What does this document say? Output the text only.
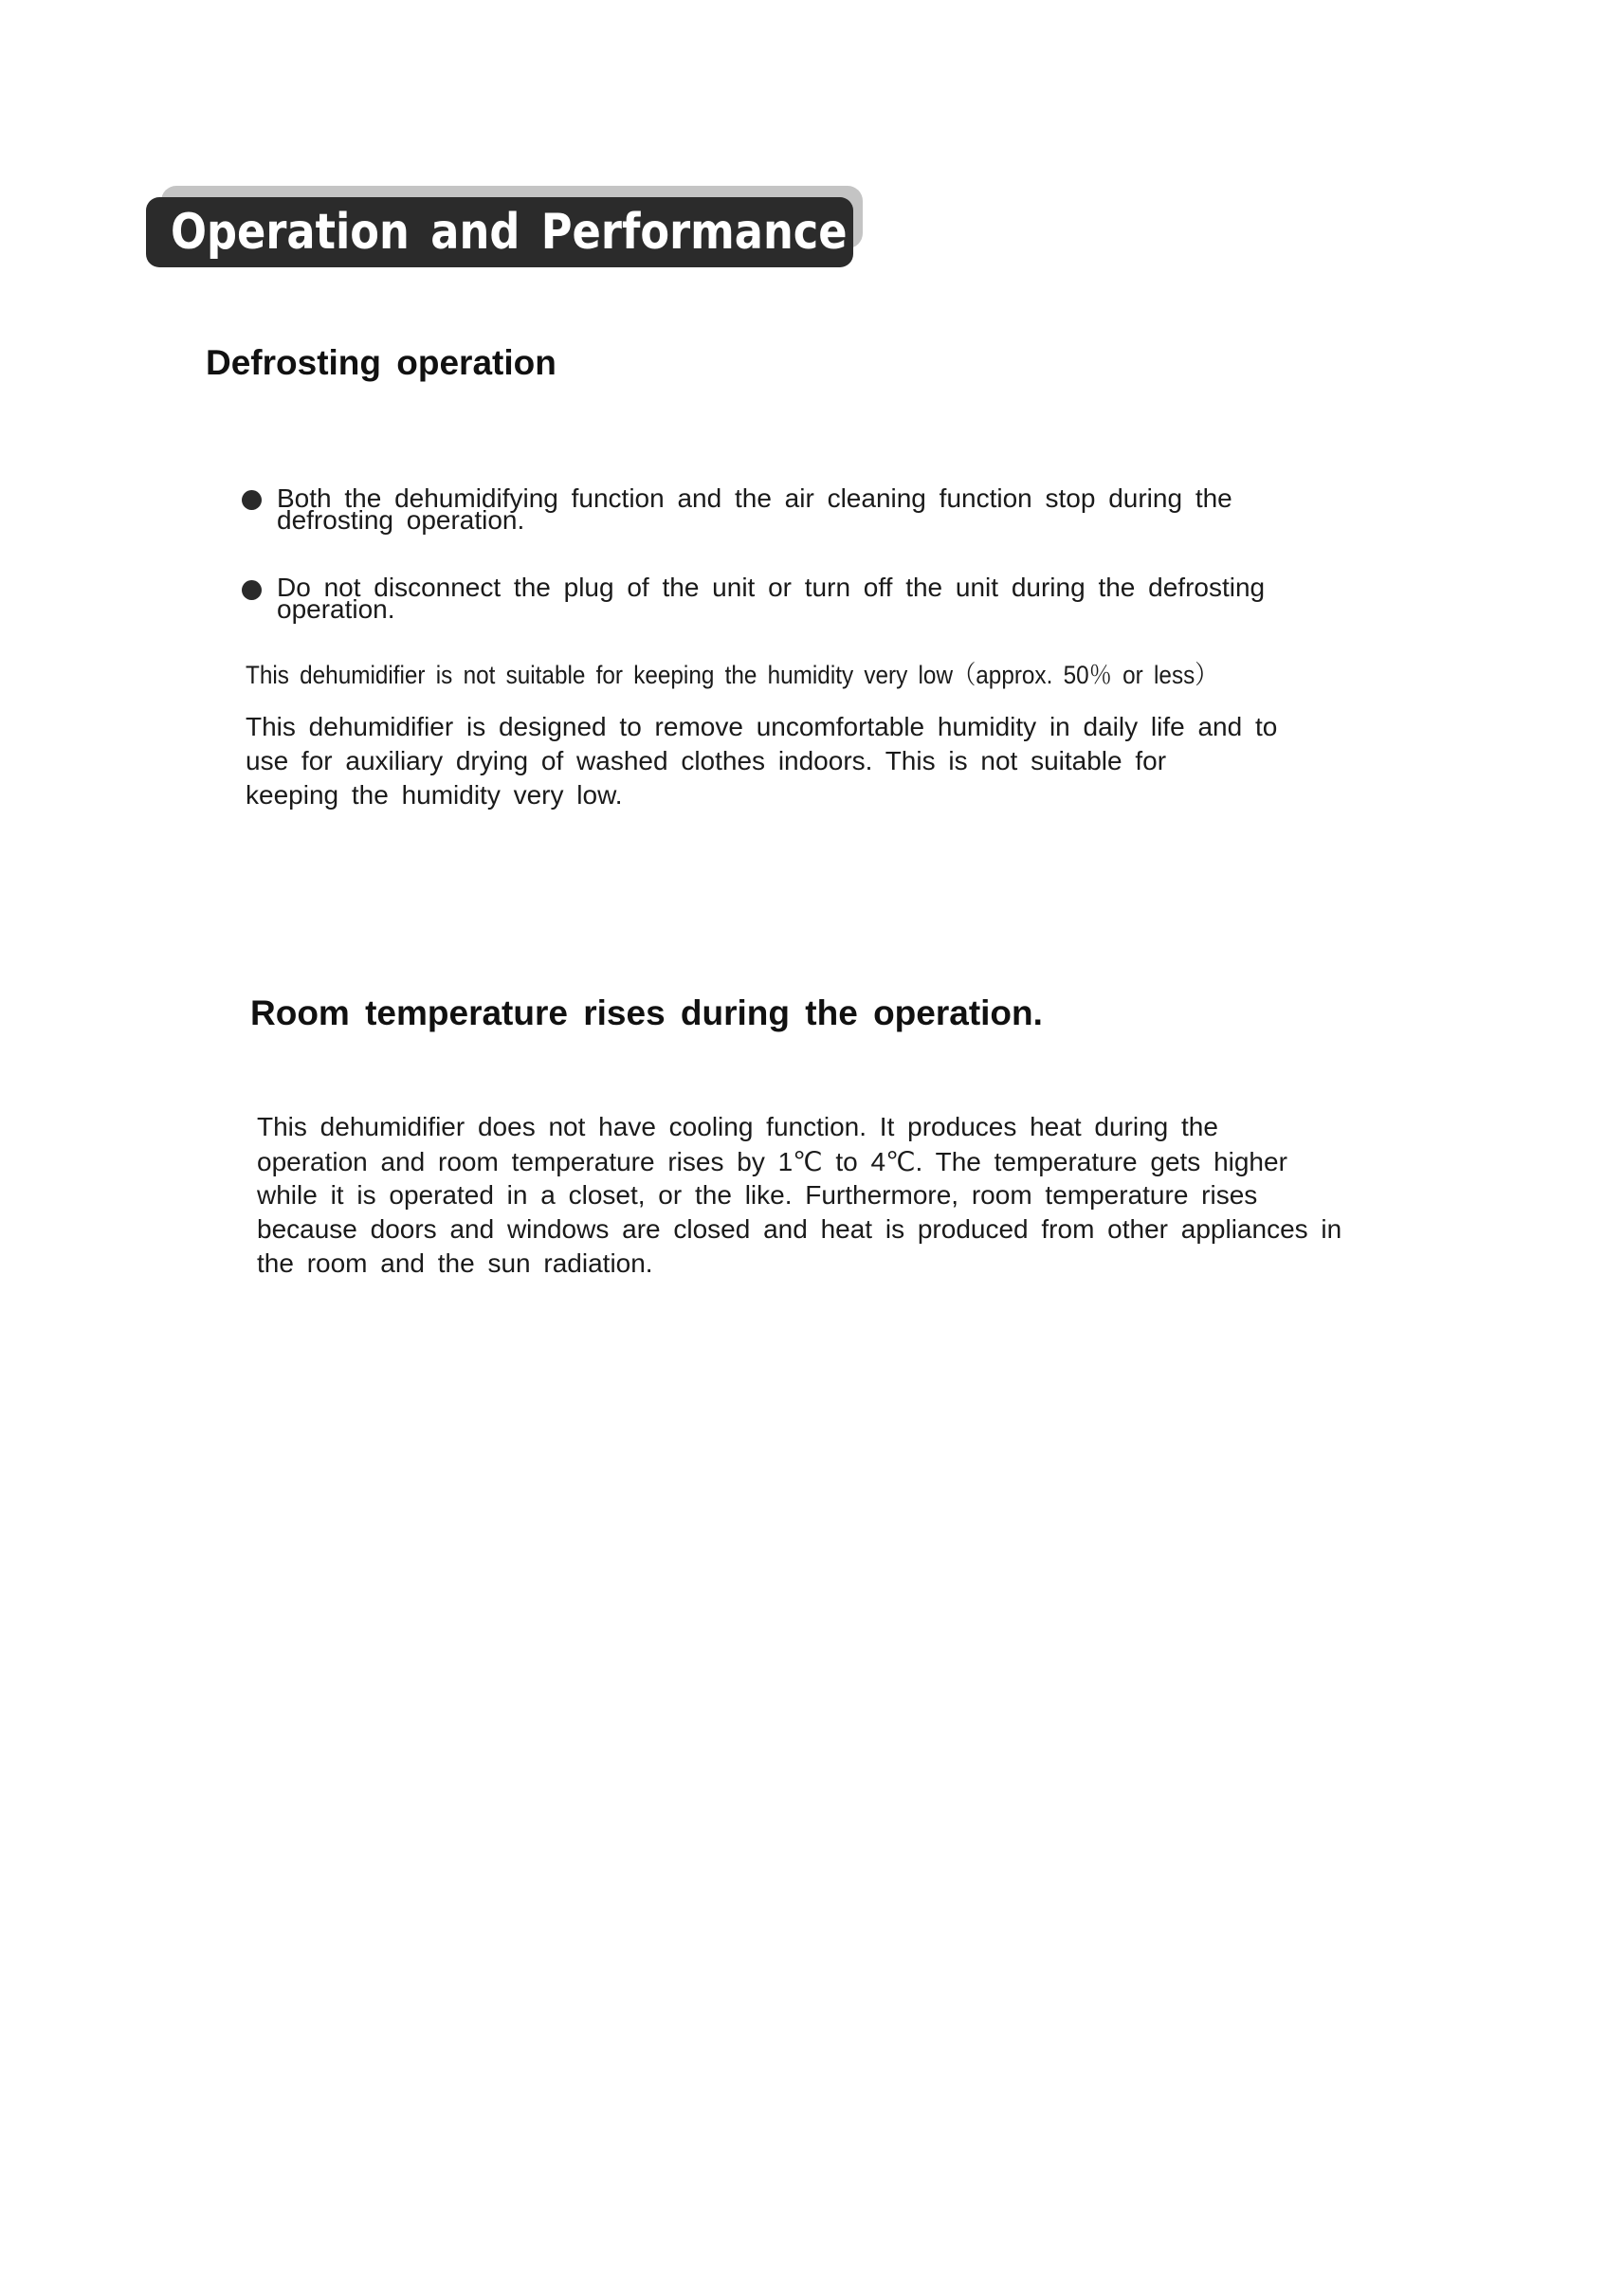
Operation and Performance
Defrosting operation
Both the dehumidifying function and the air cleaning function stop during the
defrosting operation.
Do not disconnect the plug of the unit or turn off the unit during the defrosting
operation.
This dehumidifier is not suitable for keeping the humidity very low（approx. 50％ or less）
This dehumidifier is designed to remove uncomfortable humidity in daily life and to
use for auxiliary drying of washed clothes indoors. This is not suitable for
keeping the humidity very low.
Room temperature rises during the operation.
This dehumidifier does not have cooling function. It produces heat during the
operation and room temperature rises by 1℃ to 4℃. The temperature gets higher
while it is operated in a closet, or the like. Furthermore, room temperature rises
because doors and windows are closed and heat is produced from other appliances in
the room and the sun radiation.
